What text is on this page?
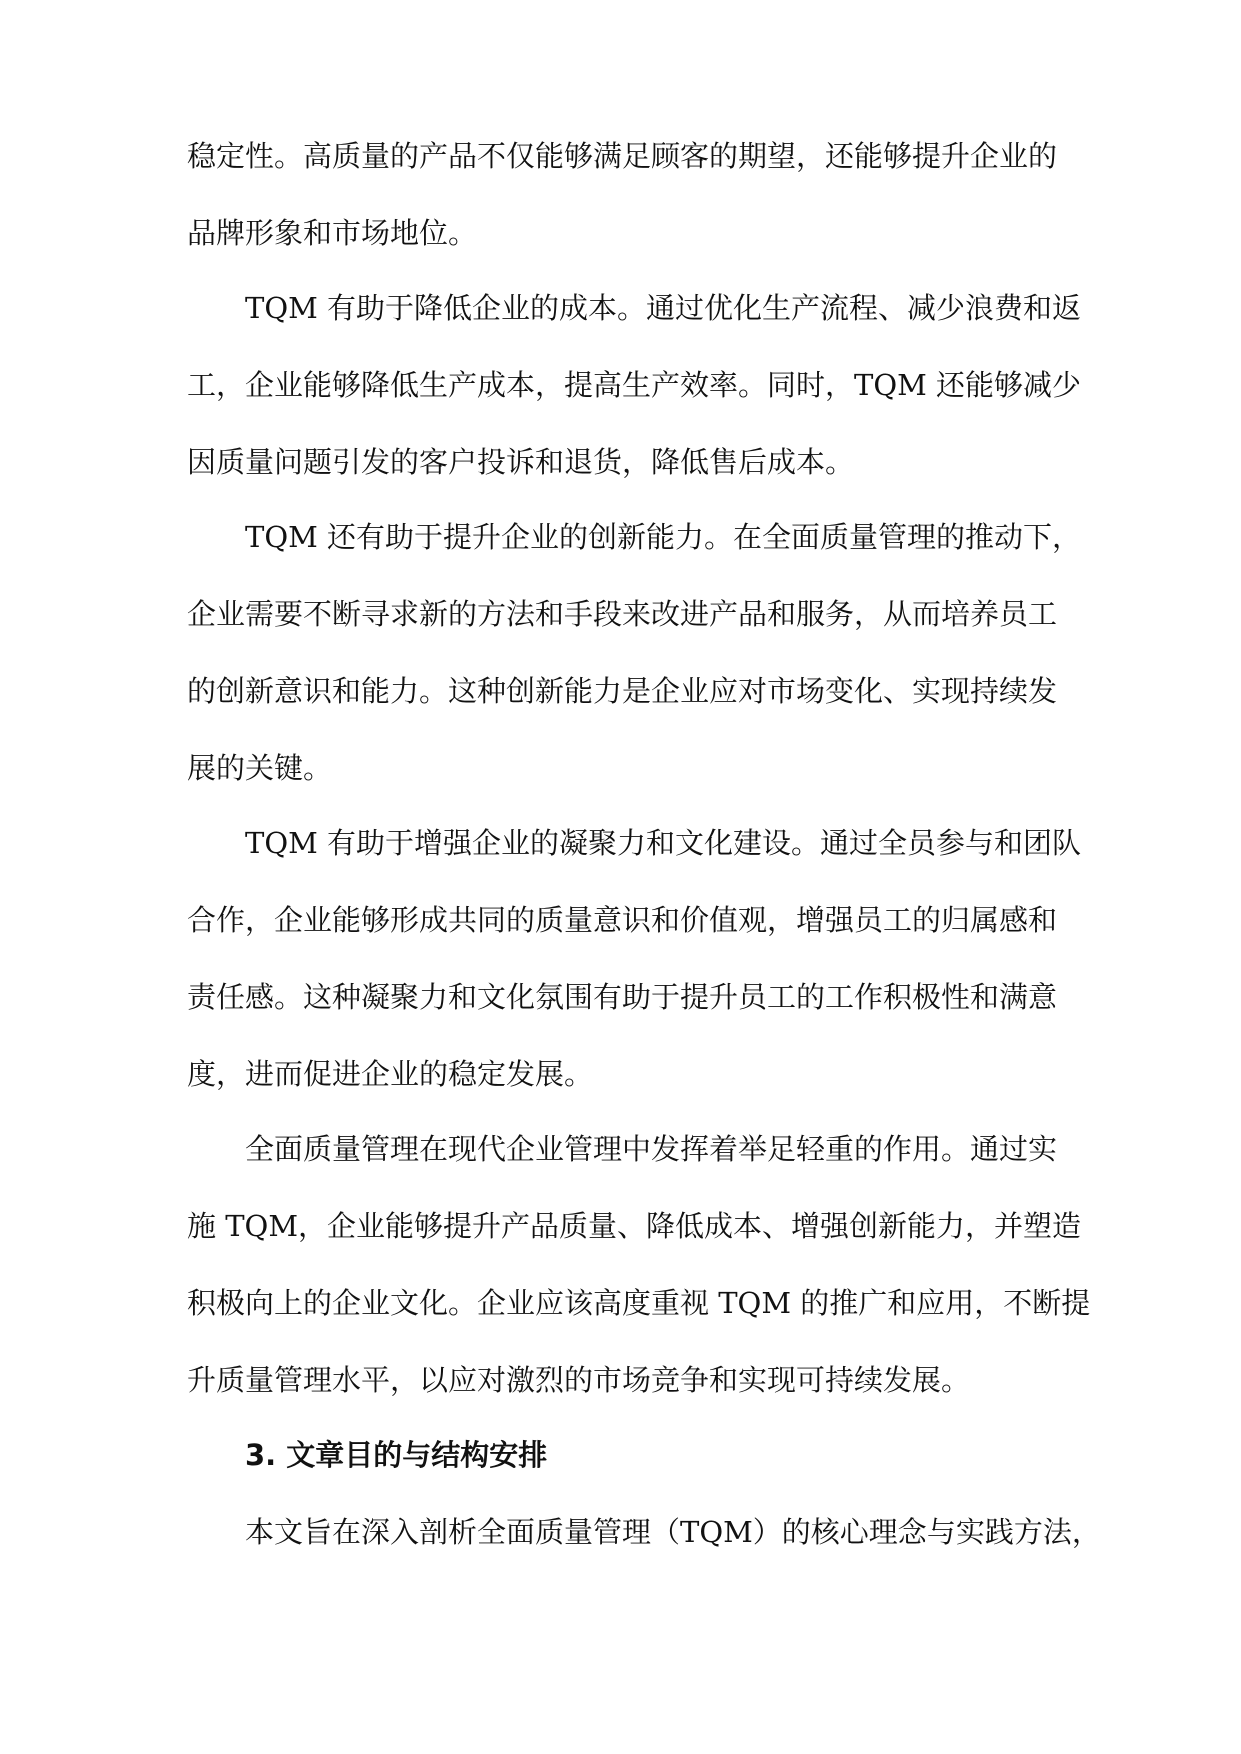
稳定性。高质量的产品不仅能够满足顾客的期望，还能够提升企业的
品牌形象和市场地位。
TQM 有助于降低企业的成本。通过优化生产流程、减少浪费和返
工，企业能够降低生产成本，提高生产效率。同时，TQM 还能够减少
因质量问题引发的客户投诉和退货，降低售后成本。
TQM 还有助于提升企业的创新能力。在全面质量管理的推动下，
企业需要不断寻求新的方法和手段来改进产品和服务，从而培养员工
的创新意识和能力。这种创新能力是企业应对市场变化、实现持续发
展的关键。
TQM 有助于增强企业的凝聚力和文化建设。通过全员参与和团队
合作，企业能够形成共同的质量意识和价值观，增强员工的归属感和
责任感。这种凝聚力和文化氛围有助于提升员工的工作积极性和满意
度，进而促进企业的稳定发展。
全面质量管理在现代企业管理中发挥着举足轻重的作用。通过实
施 TQM，企业能够提升产品质量、降低成本、增强创新能力，并塑造
积极向上的企业文化。企业应该高度重视 TQM 的推广和应用，不断提
升质量管理水平，以应对激烈的市场竞争和实现可持续发展。
3. 文章目的与结构安排
本文旨在深入剖析全面质量管理（TQM）的核心理念与实践方法，
